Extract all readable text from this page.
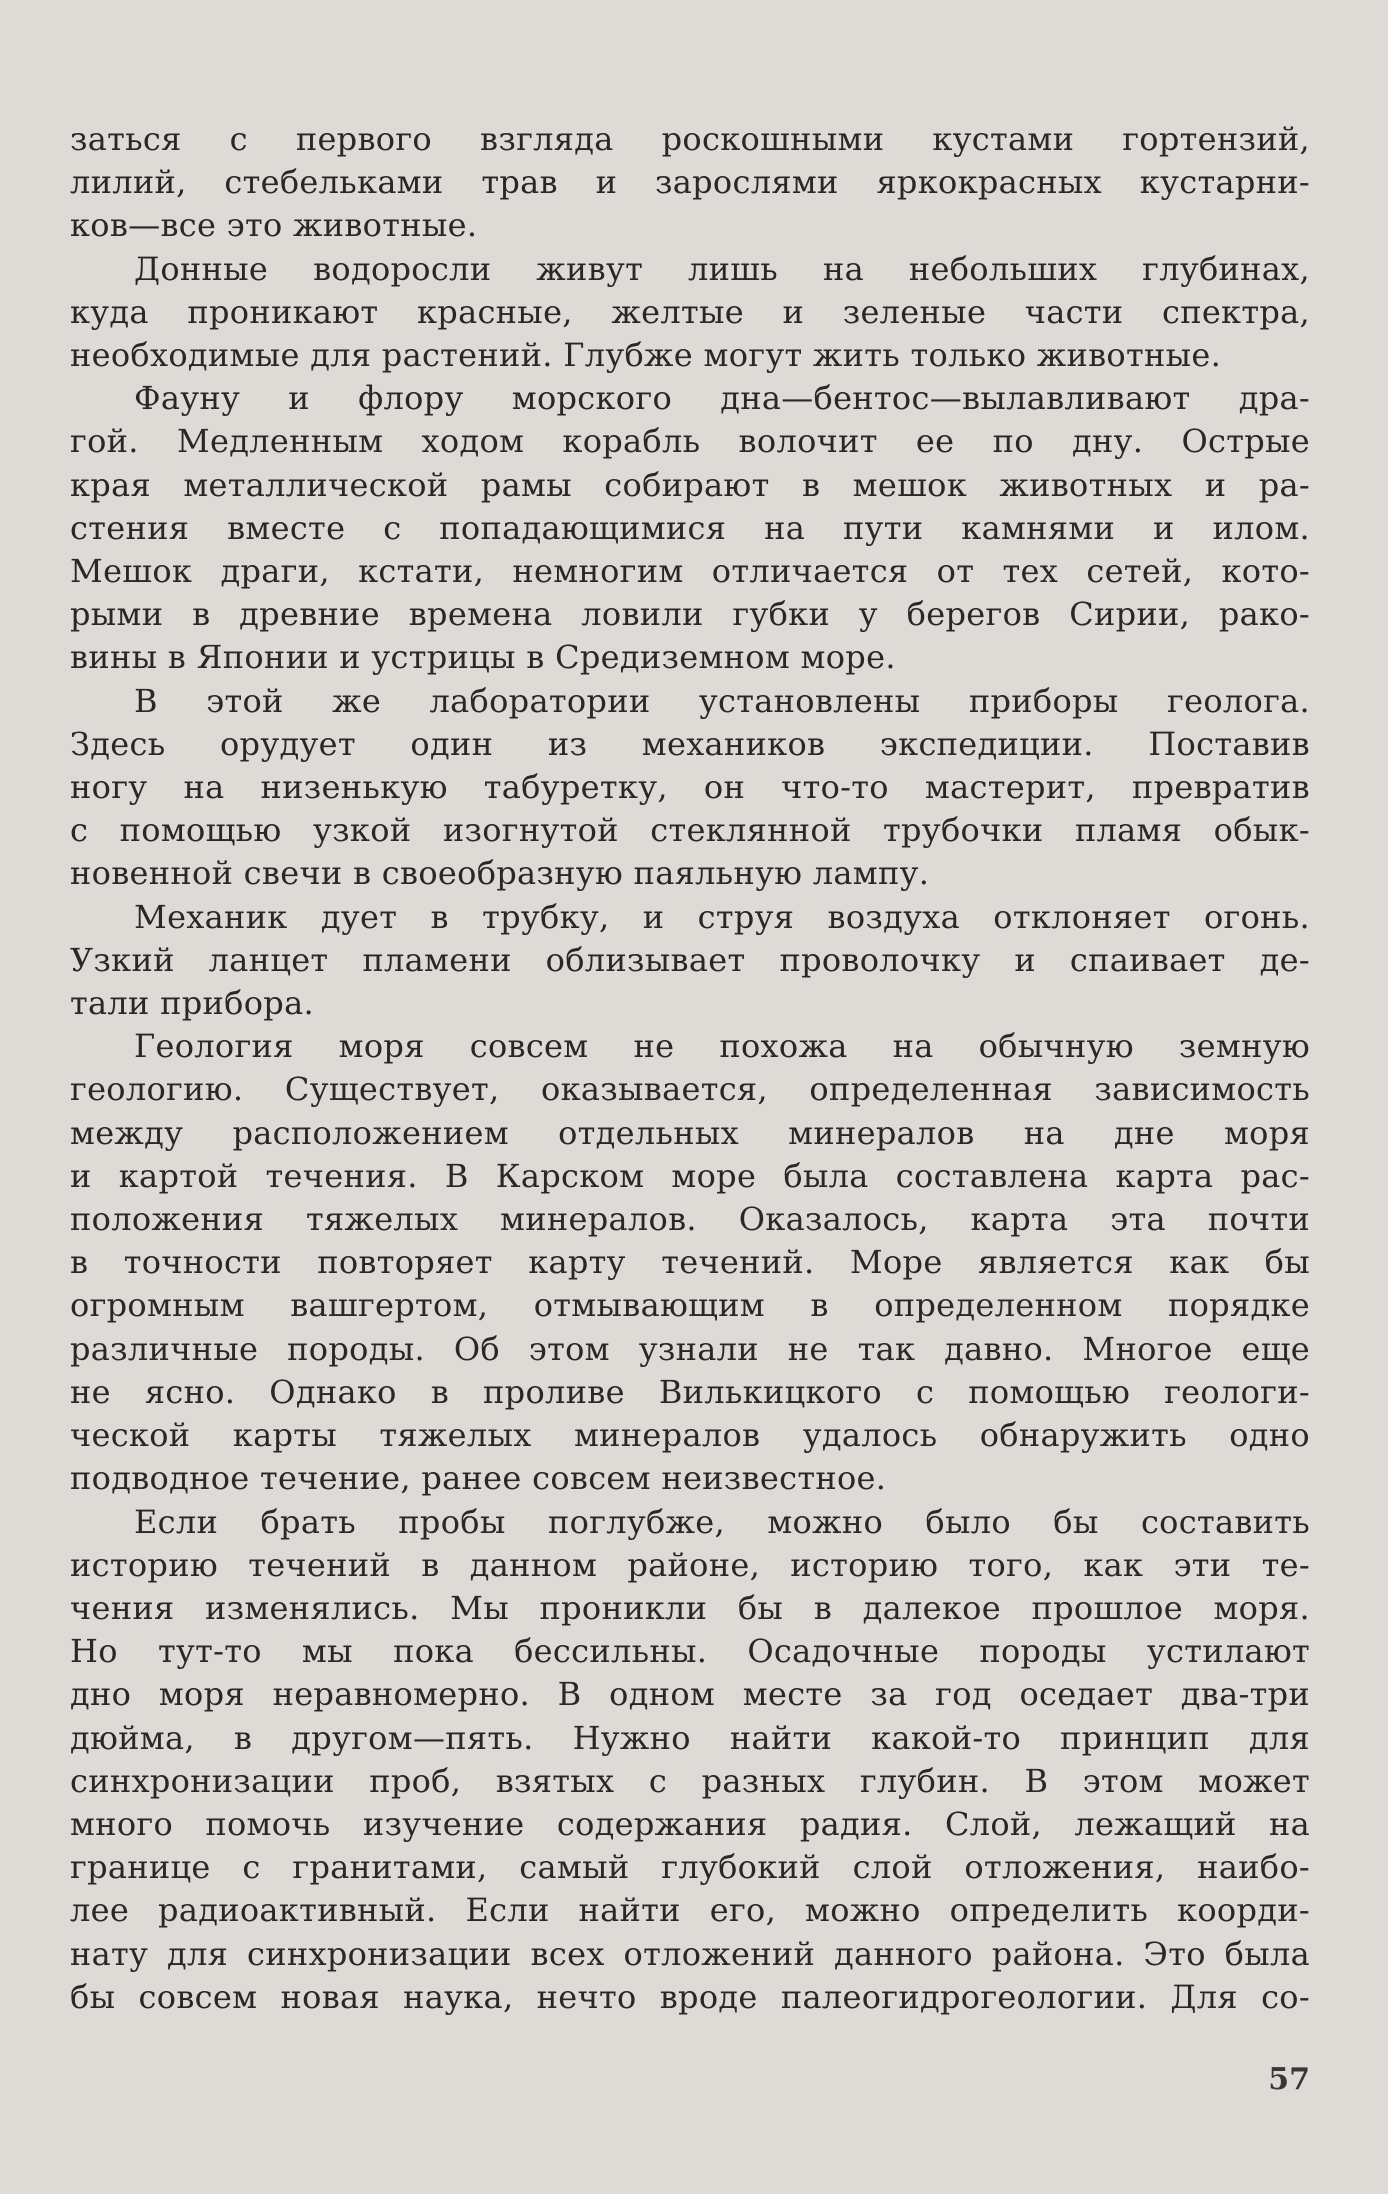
заться с первого взгляда роскошными кустами гортензий,
лилий, стебельками трав и зарослями яркокрасных кустарни-
ков—все это животные.

Донные водоросли живут лишь на небольших глубинах,
куда проникают красные, желтые и зеленые части спектра,
необходимые для растений. Глубже могут жить только животные.

Фауну и флору морского дна—бентос—вылавливают дра-
гой. Медленным ходом корабль волочит ее по дну. Острые
края металлической рамы собирают в мешок животных и ра-
стения вместе с попадающимися на пути камнями и илом.
Мешок драги, кстати, немногим отличается от тех сетей, кото-
рыми в древние времена ловили губки у берегов Сирии, рако-
вины в Японии и устрицы в Средиземном море.

В этой же лаборатории установлены приборы геолога.
Здесь орудует один из механиков экспедиции. Поставив
ногу на низенькую табуретку, он что-то мастерит, превратив
с помощью узкой изогнутой стеклянной трубочки пламя обык-
новенной свечи в своеобразную паяльную лампу.

Механик дует в трубку, и струя воздуха отклоняет огонь.
Узкий ланцет пламени облизывает проволочку и спаивает де-
тали прибора.

Геология моря совсем не похожа на обычную земную
геологию. Существует, оказывается, определенная зависимость
между расположением отдельных минералов на дне моря
и картой течения. В Карском море была составлена карта рас-
положения тяжелых минералов. Оказалось, карта эта почти
в точности повторяет карту течений. Море является как бы
огромным вашгертом, отмывающим в определенном порядке
различные породы. Об этом узнали не так давно. Многое еще
не ясно. Однако в проливе Вилькицкого с помощью геологи-
ческой карты тяжелых минералов удалось обнаружить одно
подводное течение, ранее совсем неизвестное.

Если брать пробы поглубже, можно было бы составить
историю течений в данном районе, историю того, как эти те-
чения изменялись. Мы проникли бы в далекое прошлое моря.
Но тут-то мы пока бессильны. Осадочные породы устилают
дно моря неравномерно. В одном месте за год оседает два-три
дюйма, в другом—пять. Нужно найти какой-то принцип для
синхронизации проб, взятых с разных глубин. В этом может
много помочь изучение содержания радия. Слой, лежащий на
границе с гранитами, самый глубокий слой отложения, наибо-
лее радиоактивный. Если найти его, можно определить коорди-
нату для синхронизации всех отложений данного района. Это была
бы совсем новая наука, нечто вроде палеогидрогеологии. Для со-

57
